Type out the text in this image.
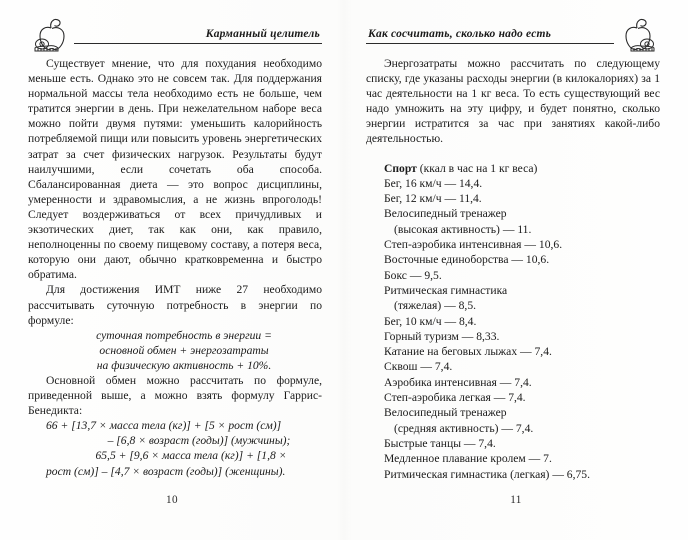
Карманный целитель

Существует мнение, что для похудания необходимо меньше есть. Однако это не совсем так. Для поддержания нормальной массы тела необходимо есть не больше, чем тратится энергии в день. При нежелательном наборе веса можно пойти двумя путями: уменьшить калорийность потребляемой пищи или повысить уровень энергетических затрат за счет физических нагрузок. Результаты будут наилучшими, если сочетать оба способа. Сбалансированная диета — это вопрос дисциплины, умеренности и здравомыслия, а не жизнь впроголодь! Следует воздерживаться от всех причудливых и экзотических диет, так как они, как правило, неполноценны по своему пищевому составу, а потеря веса, которую они дают, обычно кратковременна и быстро обратима.

Для достижения ИМТ ниже 27 необходимо рассчитывать суточную потребность в энергии по формуле:

суточная потребность в энергии =

основной обмен + энергозатраты

на физическую активность + 10%.

Основной обмен можно рассчитать по формуле, приведенной выше, а можно взять формулу Гаррис-Бенедикта:

66 + [13,7 × масса тела (кг)] + [5 × рост (см)]

– [6,8 × возраст (годы)] (мужчины);

65,5 + [9,6 × масса тела (кг)] + [1,8 ×

рост (см)] – [4,7 × возраст (годы)] (женщины).

10
Как сосчитать, сколько надо есть

Энергозатраты можно рассчитать по следующему списку, где указаны расходы энергии (в килокалориях) за 1 час деятельности на 1 кг веса. То есть существующий вес надо умножить на эту цифру, и будет понятно, сколько энергии истратится за час при занятиях какой-либо деятельностью.

Спорт (ккал в час на 1 кг веса)

Бег, 16 км/ч — 14,4.

Бег, 12 км/ч — 11,4.

Велосипедный тренажер
(высокая активность) — 11.

Степ-аэробика интенсивная — 10,6.

Восточные единоборства — 10,6.

Бокс — 9,5.

Ритмическая гимнастика
(тяжелая) — 8,5.

Бег, 10 км/ч — 8,4.

Горный туризм — 8,33.

Катание на беговых лыжах — 7,4.

Сквош — 7,4.

Аэробика интенсивная — 7,4.

Степ-аэробика легкая — 7,4.

Велосипедный тренажер
(средняя активность) — 7,4.

Быстрые танцы — 7,4.

Медленное плавание кролем — 7.

Ритмическая гимнастика (легкая) — 6,75.

11
